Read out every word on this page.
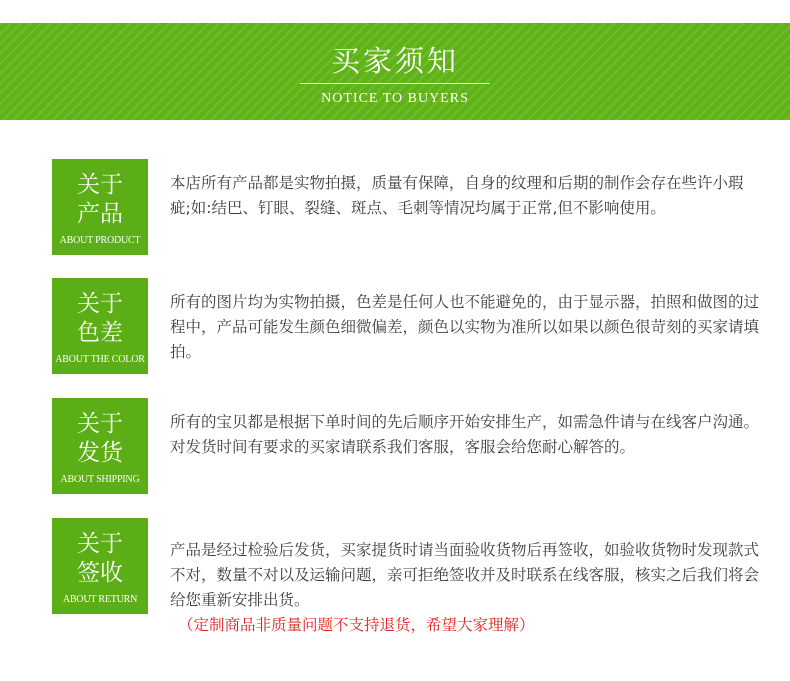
买家须知
NOTICE TO BUYERS
关于
产品
ABOUT PRODUCT

本店所有产品都是实物拍摄，质量有保障，自身的纹理和后期的制作会存在些许小瑕疵;如:结巴、钉眼、裂缝、斑点、毛刺等情况均属于正常,但不影响使用。

关于
色差
ABOUT THE COLOR

所有的图片均为实物拍摄，色差是任何人也不能避免的，由于显示器，拍照和做图的过程中，产品可能发生颜色细微偏差，颜色以实物为准所以如果以颜色很苛刻的买家请填拍。

关于
发货
ABOUT SHIPPING

所有的宝贝都是根据下单时间的先后顺序开始安排生产，如需急件请与在线客户沟通。对发货时间有要求的买家请联系我们客服，客服会给您耐心解答的。

关于
签收
ABOUT RETURN
产品是经过检验后发货，买家提货时请当面验收货物后再签收，如验收货物时发现款式不对，数量不对以及运输问题，亲可拒绝签收并及时联系在线客服，核实之后我们将会给您重新安排出货。
（定制商品非质量问题不支持退货，希望大家理解）
